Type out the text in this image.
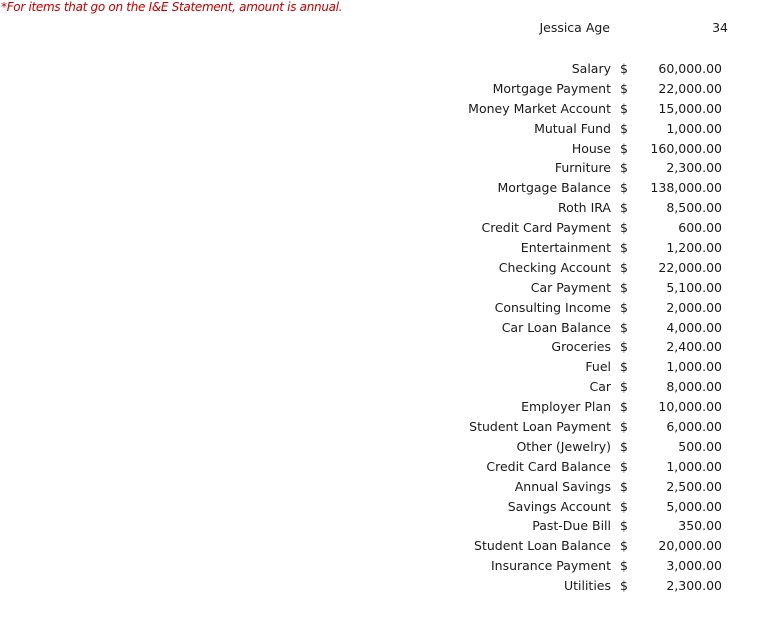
*For items that go on the I&E Statement, amount is annual.
Jessica Age	34
Salary $ 60,000.00
Mortgage Payment $ 22,000.00
Money Market Account $ 15,000.00
Mutual Fund $	1,000.00
House $ 160,000.00
Furniture $	2,300.00
Mortgage Balance $ 138,000.00
Roth IRA $	8,500.00
Credit Card Payment $	600.00
Entertainment $	1,200.00
Checking Account $ 22,000.00
Car Payment $	5,100.00
Consulting Income $	2,000.00
Car Loan Balance $	4,000.00
Groceries $	2,400.00
Fuel $	1,000.00
Car $	8,000.00
Employer Plan $ 10,000.00
Student Loan Payment $	6,000.00
Other (Jewelry) $	500.00
Credit Card Balance $	1,000.00
Annual Savings $	2,500.00
Savings Account $	5,000.00
Past-Due Bill $	350.00
Student Loan Balance $ 20,000.00
Insurance Payment $	3,000.00
Utilities $	2,300.00
